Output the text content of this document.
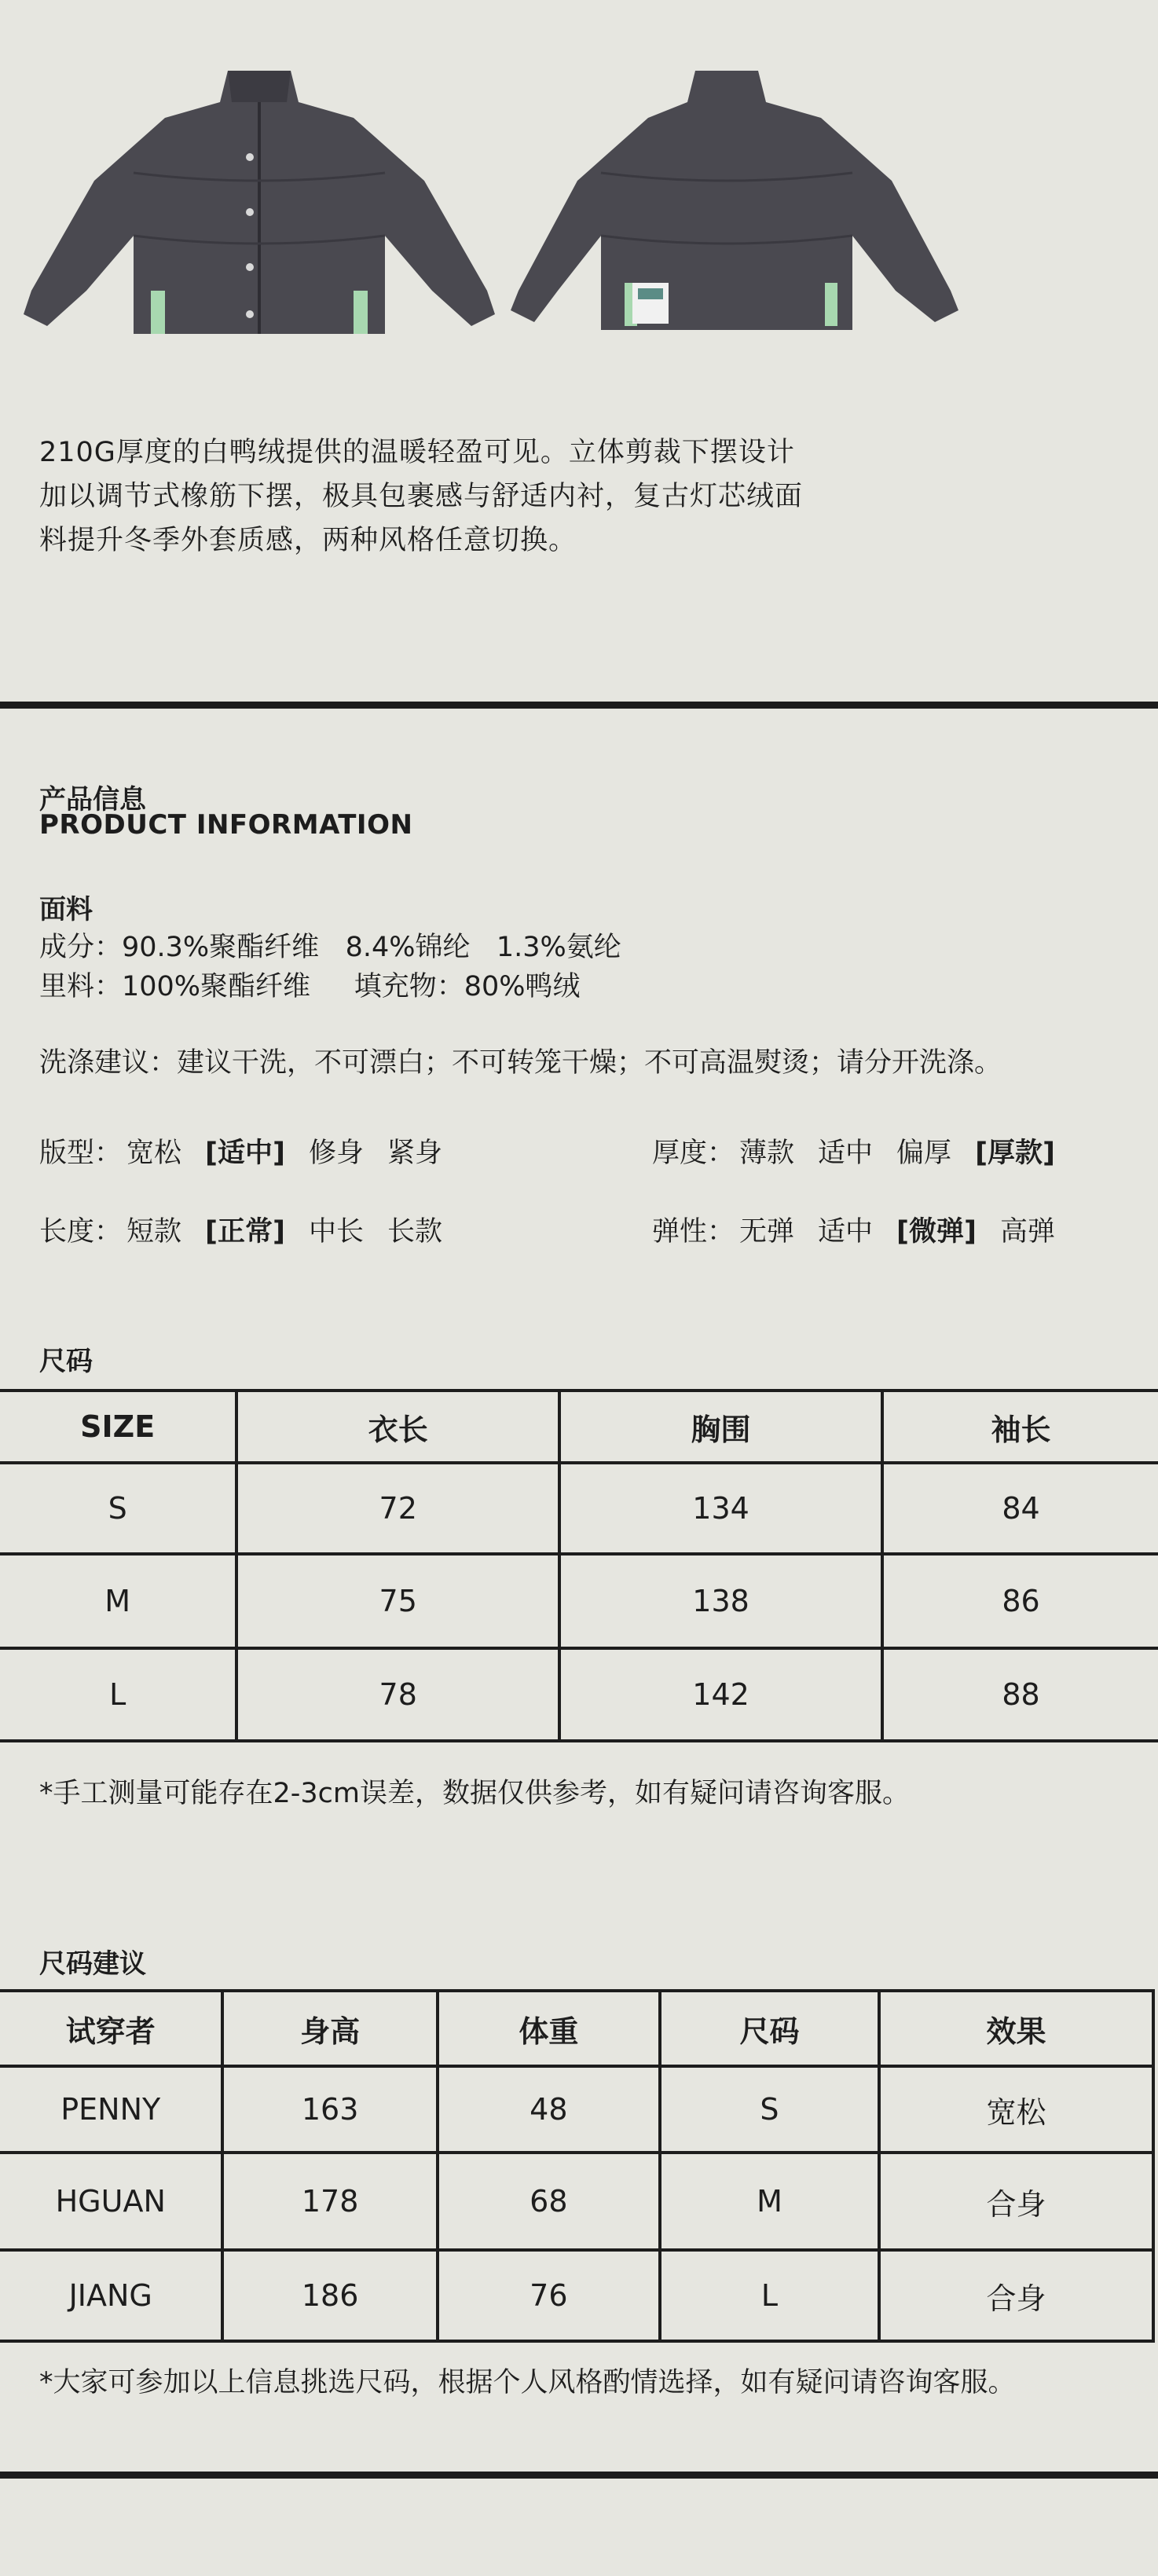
210G厚度的白鸭绒提供的温暖轻盈可见。立体剪裁下摆设计
加以调节式橡筋下摆，极具包裹感与舒适内衬，复古灯芯绒面
料提升冬季外套质感，两种风格任意切换。
产品信息
PRODUCT INFORMATION
面料
成分：90.3%聚酯纤维   8.4%锦纶   1.3%氨纶
里料：100%聚酯纤维     填充物：80%鸭绒
洗涤建议：建议干洗，不可漂白；不可转笼干燥；不可高温熨烫；请分开洗涤。
版型： 宽松 [适中] 修身 紧身	厚度： 薄款 适中 偏厚 [厚款]
长度： 短款 [正常] 中长 长款	弹性： 无弹 适中 [微弹] 高弹
尺码
SIZE	衣长	胸围	袖长
S	72	134	84
M	75	138	86
L	78	142	88
*手工测量可能存在2-3cm误差，数据仅供参考，如有疑问请咨询客服。
尺码建议
试穿者	身高	体重	尺码	效果
PENNY	163	48	S	宽松
HGUAN	178	68	M	合身
JIANG	186	76	L	合身
*大家可参加以上信息挑选尺码，根据个人风格酌情选择，如有疑问请咨询客服。
